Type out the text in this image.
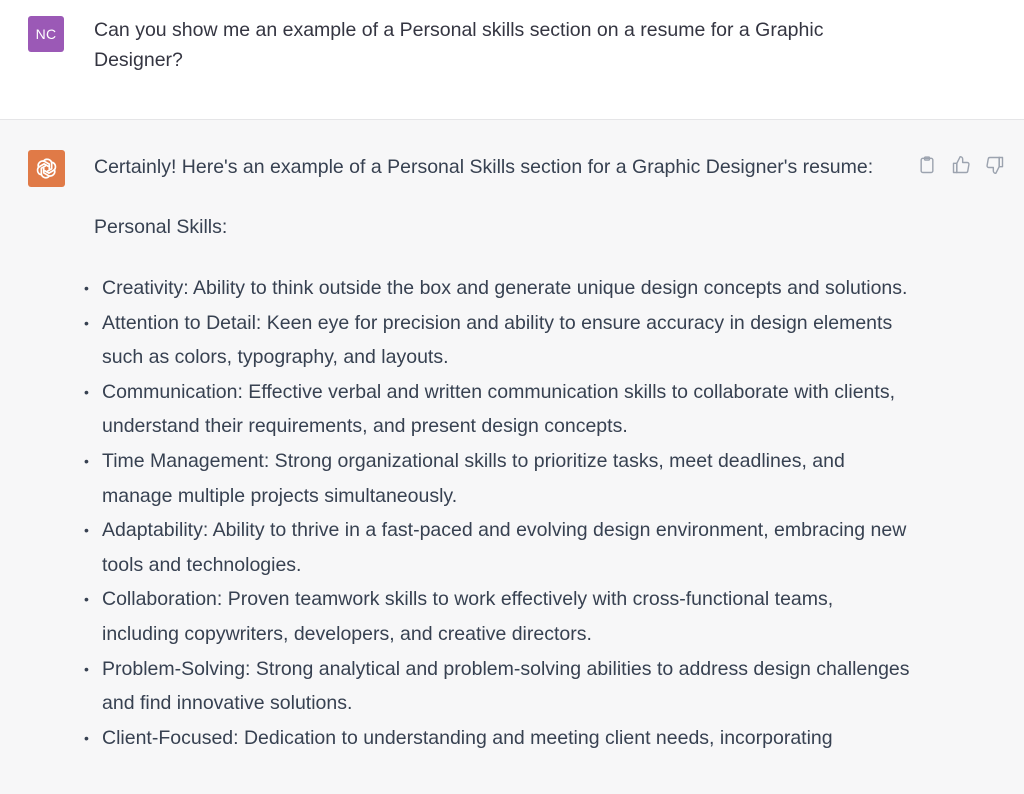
NC	Can you show me an example of a Personal skills section on a resume for a Graphic Designer?
Certainly! Here's an example of a Personal Skills section for a Graphic Designer's resume:
Personal Skills:
• Creativity: Ability to think outside the box and generate unique design concepts and solutions.
• Attention to Detail: Keen eye for precision and ability to ensure accuracy in design elements such as colors, typography, and layouts.
• Communication: Effective verbal and written communication skills to collaborate with clients, understand their requirements, and present design concepts.
• Time Management: Strong organizational skills to prioritize tasks, meet deadlines, and manage multiple projects simultaneously.
• Adaptability: Ability to thrive in a fast-paced and evolving design environment, embracing new tools and technologies.
• Collaboration: Proven teamwork skills to work effectively with cross-functional teams, including copywriters, developers, and creative directors.
• Problem-Solving: Strong analytical and problem-solving abilities to address design challenges and find innovative solutions.
• Client-Focused: Dedication to understanding and meeting client needs, incorporating
